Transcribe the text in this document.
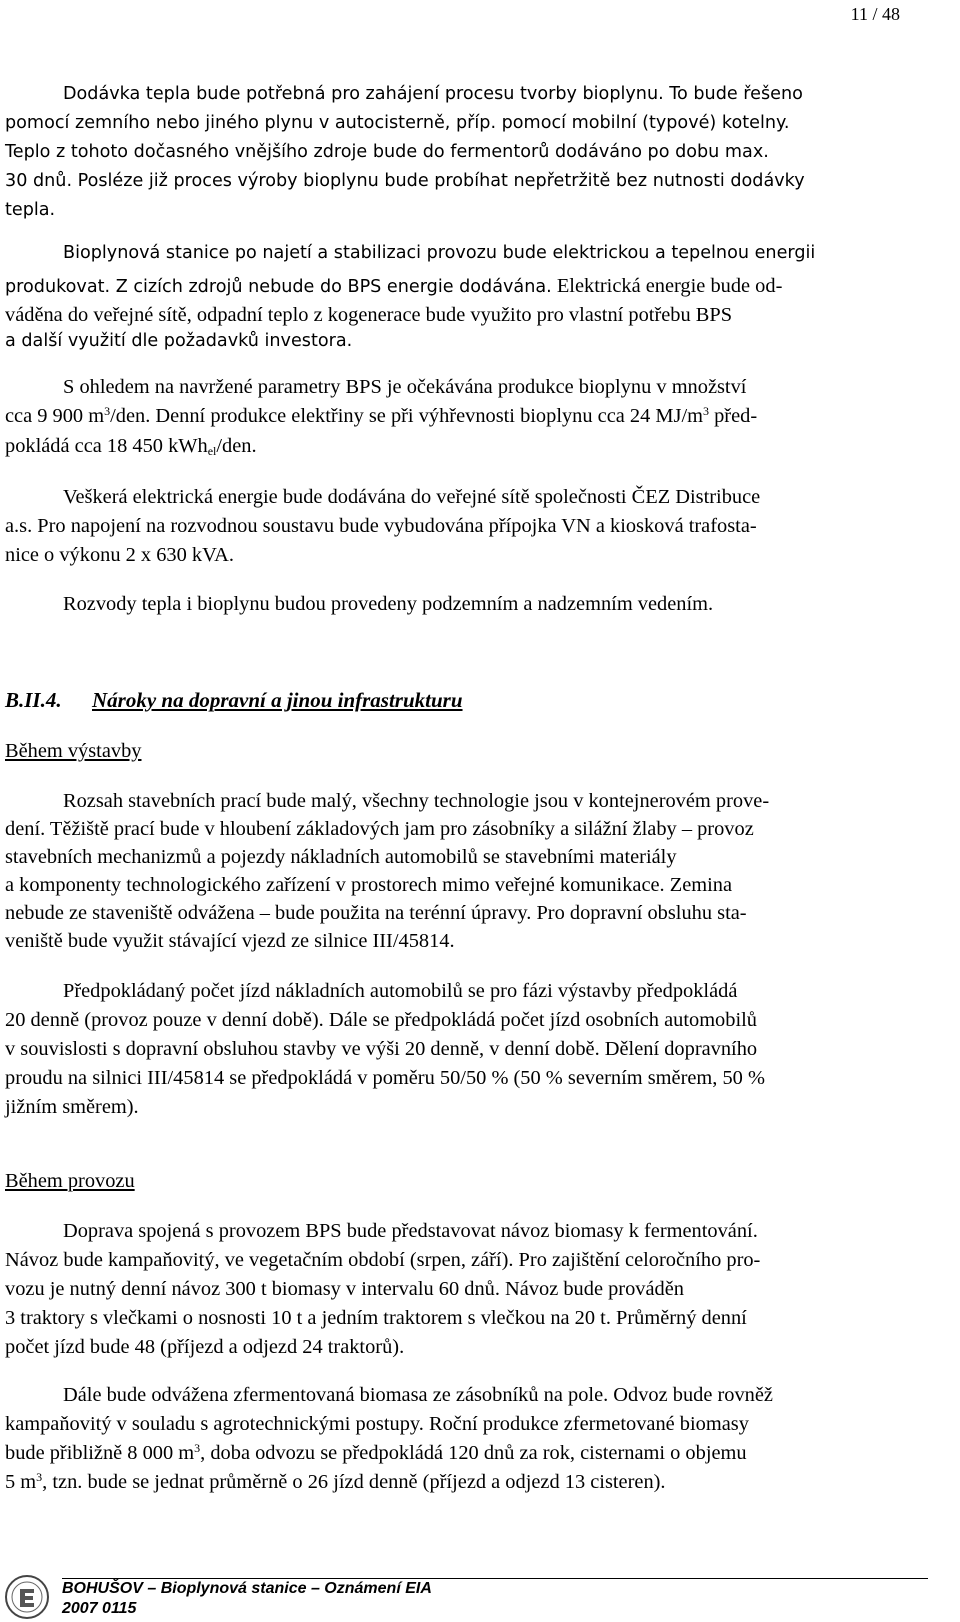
11 / 48
Dodávka tepla bude potřebná pro zahájení procesu tvorby bioplynu. To bude řešeno
pomocí zemního nebo jiného plynu v autocisterně, příp. pomocí mobilní (typové) kotelny.
Teplo z tohoto dočasného vnějšího zdroje bude do fermentorů dodáváno po dobu max.
30 dnů. Posléze již proces výroby bioplynu bude probíhat nepřetržitě bez nutnosti dodávky
tepla.
Bioplynová stanice po najetí a stabilizaci provozu bude elektrickou a tepelnou energii
produkovat. Z cizích zdrojů nebude do BPS energie dodávána. Elektrická energie bude od-
váděna do veřejné sítě, odpadní teplo z kogenerace bude využito pro vlastní potřebu BPS
a další využití dle požadavků investora.
S ohledem na navržené parametry BPS je očekávána produkce bioplynu v množství
cca 9 900 $m^3$/den. Denní produkce elektřiny se při výhřevnosti bioplynu cca 24 $MJ/m^3$ před-
pokládá cca 18 450 kWh$_{el}$/den.
Veškerá elektrická energie bude dodávána do veřejné sítě společnosti ČEZ Distribuce
a.s. Pro napojení na rozvodnou soustavu bude vybudována přípojka VN a kiosková trafosta-
nice o výkonu 2 x 630 kVA.
Rozvody tepla i bioplynu budou provedeny podzemním a nadzemním vedením.
B.II.4. Nároky na dopravní a jinou infrastrukturu
Během výstavby
Rozsah stavebních prací bude malý, všechny technologie jsou v kontejnerovém prove-
dení. Těžiště prací bude v hloubení základových jam pro zásobníky a silážní žlaby – provoz
stavebních mechanizmů a pojezdy nákladních automobilů se stavebními materiály
a komponenty technologického zařízení v prostorech mimo veřejné komunikace. Zemina
nebude ze staveniště odvážena – bude použita na terénní úpravy. Pro dopravní obsluhu sta-
veniště bude využit stávající vjezd ze silnice III/45814.
Předpokládaný počet jízd nákladních automobilů se pro fázi výstavby předpokládá
20 denně (provoz pouze v denní době). Dále se předpokládá počet jízd osobních automobilů
v souvislosti s dopravní obsluhou stavby ve výši 20 denně, v denní době. Dělení dopravního
proudu na silnici III/45814 se předpokládá v poměru 50/50 % (50 % severním směrem, 50 %
jižním směrem).
Během provozu
Doprava spojená s provozem BPS bude představovat návoz biomasy k fermentování.
Návoz bude kampaňovitý, ve vegetačním období (srpen, září). Pro zajištění celoročního pro-
vozu je nutný denní návoz 300 t biomasy v intervalu 60 dnů. Návoz bude prováděn
3 traktory s vlečkami o nosnosti 10 t a jedním traktorem s vlečkou na 20 t. Průměrný denní
počet jízd bude 48 (příjezd a odjezd 24 traktorů).
Dále bude odvážena zfermentovaná biomasa ze zásobníků na pole. Odvoz bude rovněž
kampaňovitý v souladu s agrotechnickými postupy. Roční produkce zfermetované biomasy
bude přibližně 8 000 $m^3$, doba odvozu se předpokládá 120 dnů za rok, cisternami o objemu
5 $m^3$, tzn. bude se jednat průměrně o 26 jízd denně (příjezd a odjezd 13 cisteren).
BOHUŠOV – Bioplynová stanice – Oznámení EIA
2007 0115
